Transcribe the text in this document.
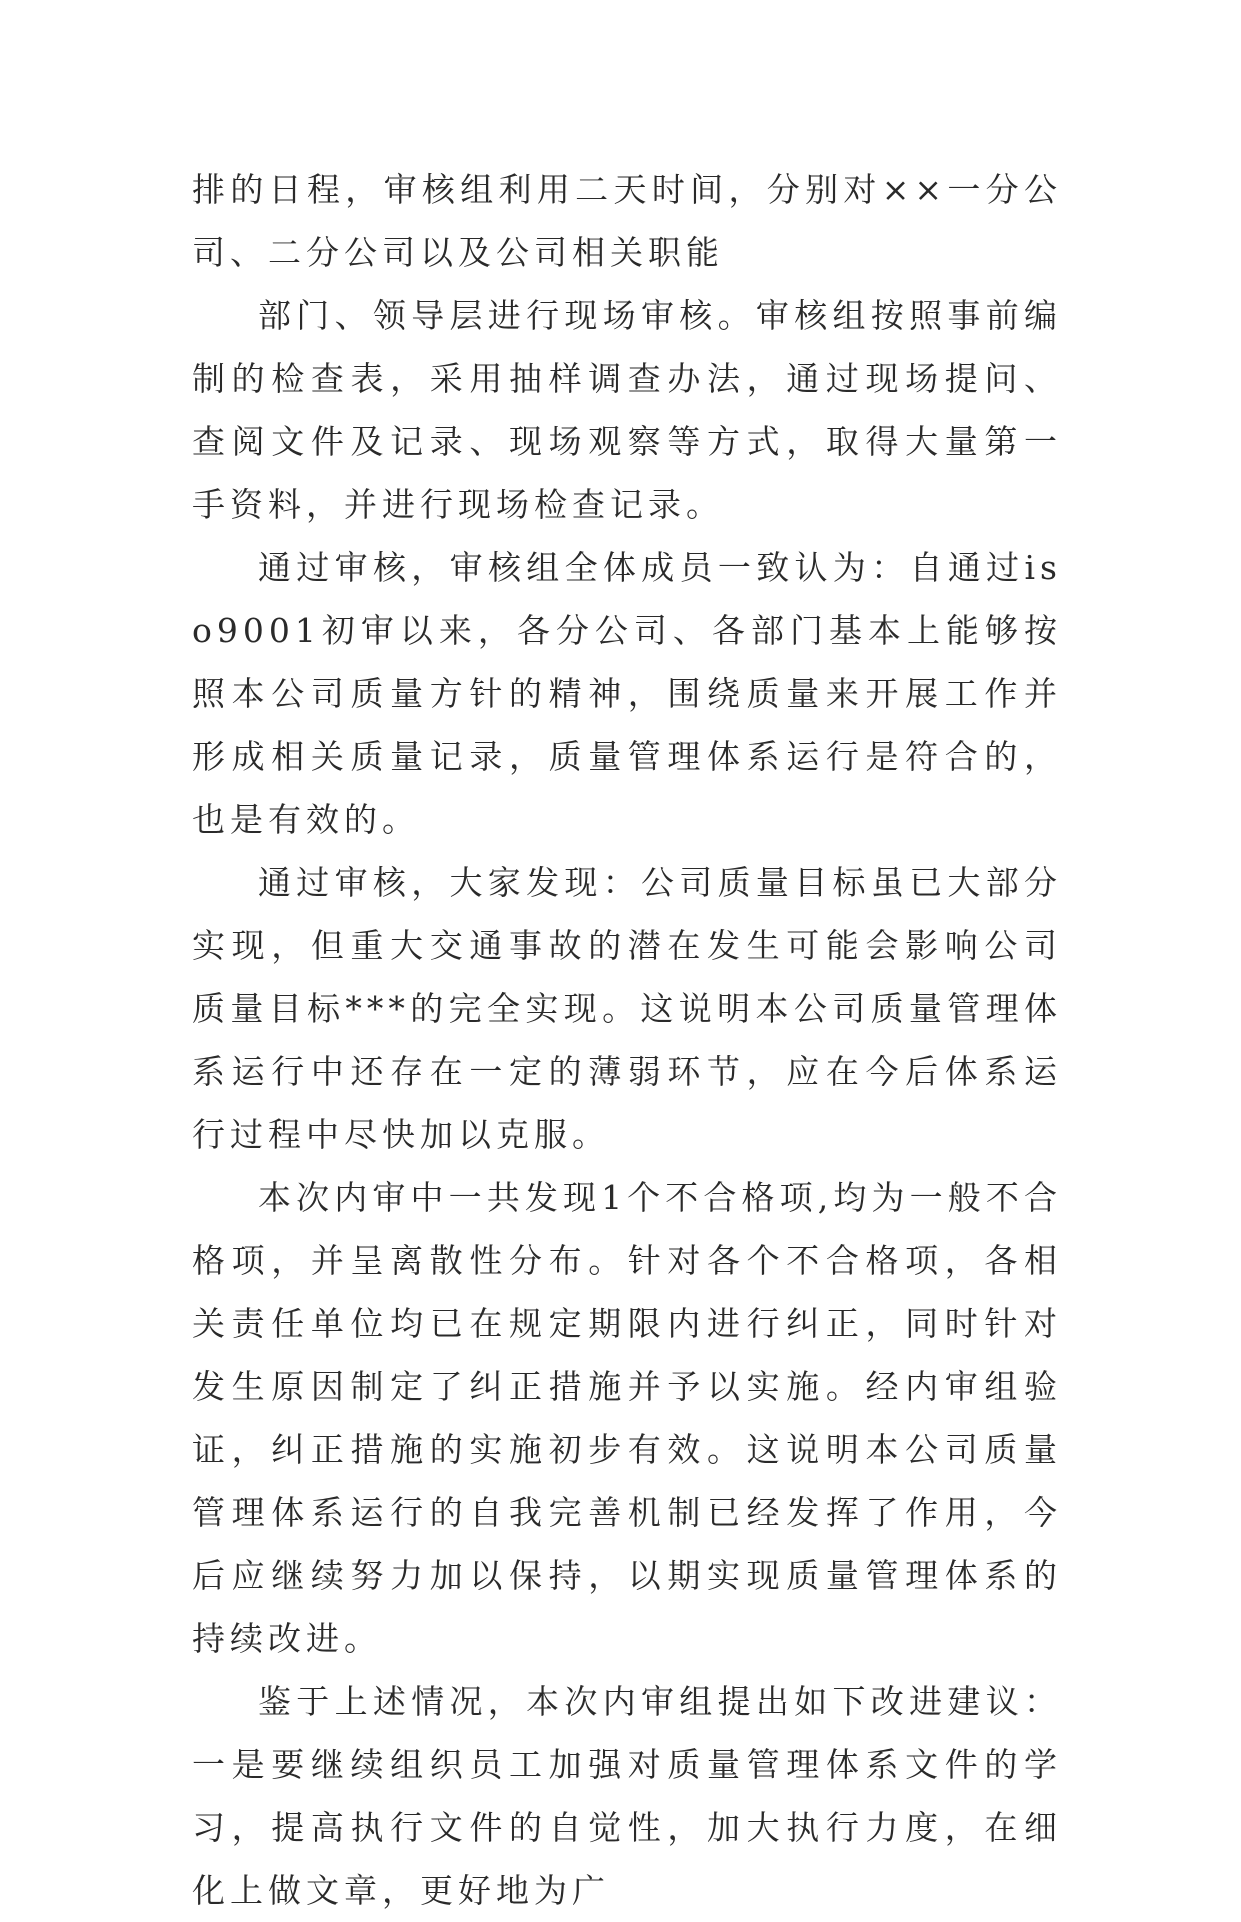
排的日程，审核组利用二天时间，分别对××一分公司、二分公司以及公司相关职能

部门、领导层进行现场审核。审核组按照事前编制的检查表，采用抽样调查办法，通过现场提问、查阅文件及记录、现场观察等方式，取得大量第一手资料，并进行现场检查记录。

通过审核，审核组全体成员一致认为：自通过iso9001初审以来，各分公司、各部门基本上能够按照本公司质量方针的精神，围绕质量来开展工作并形成相关质量记录，质量管理体系运行是符合的，也是有效的。

通过审核，大家发现：公司质量目标虽已大部分实现，但重大交通事故的潜在发生可能会影响公司质量目标***的完全实现。这说明本公司质量管理体系运行中还存在一定的薄弱环节，应在今后体系运行过程中尽快加以克服。

本次内审中一共发现1个不合格项,均为一般不合格项，并呈离散性分布。针对各个不合格项，各相关责任单位均已在规定期限内进行纠正，同时针对发生原因制定了纠正措施并予以实施。经内审组验证，纠正措施的实施初步有效。这说明本公司质量管理体系运行的自我完善机制已经发挥了作用，今后应继续努力加以保持，以期实现质量管理体系的持续改进。

鉴于上述情况，本次内审组提出如下改进建议：一是要继续组织员工加强对质量管理体系文件的学习，提高执行文件的自觉性，加大执行力度，在细化上做文章，更好地为广
